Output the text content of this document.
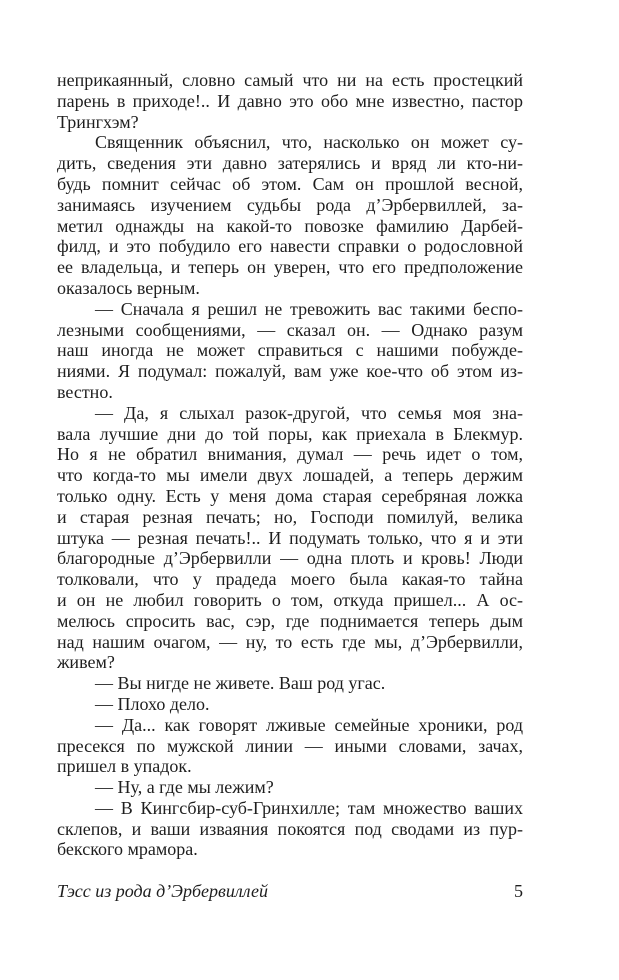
неприкаянный, словно самый что ни на есть простецкий
парень в приходе!.. И давно это обо мне известно, пастор
Трингхэм?

Священник объяснил, что, насколько он может су-
дить, сведения эти давно затерялись и вряд ли кто-ни-
будь помнит сейчас об этом. Сам он прошлой весной,
занимаясь изучением судьбы рода д’Эрбервиллей, за-
метил однажды на какой-то повозке фамилию Дарбей-
филд, и это побудило его навести справки о родословной
ее владельца, и теперь он уверен, что его предположение
оказалось верным.

— Сначала я решил не тревожить вас такими беспо-
лезными сообщениями, — сказал он. — Однако разум
наш иногда не может справиться с нашими побужде-
ниями. Я подумал: пожалуй, вам уже кое-что об этом из-
вестно.

— Да, я слыхал разок-другой, что семья моя зна-
вала лучшие дни до той поры, как приехала в Блекмур.
Но я не обратил внимания, думал — речь идет о том,
что когда-то мы имели двух лошадей, а теперь держим
только одну. Есть у меня дома старая серебряная ложка
и старая резная печать; но, Господи помилуй, велика
штука — резная печать!.. И подумать только, что я и эти
благородные д’Эрбервилли — одна плоть и кровь! Люди
толковали, что у прадеда моего была какая-то тайна
и он не любил говорить о том, откуда пришел... А ос-
мелюсь спросить вас, сэр, где поднимается теперь дым
над нашим очагом, — ну, то есть где мы, д’Эрбервилли,
живем?

— Вы нигде не живете. Ваш род угас.

— Плохо дело.

— Да... как говорят лживые семейные хроники, род
пресекся по мужской линии — иными словами, зачах,
пришел в упадок.

— Ну, а где мы лежим?

— В Кингсбир-суб-Гринхилле; там множество ваших
склепов, и ваши изваяния покоятся под сводами из пур-
бекского мрамора.

Тэсс из рода д’Эрбервиллей	5
